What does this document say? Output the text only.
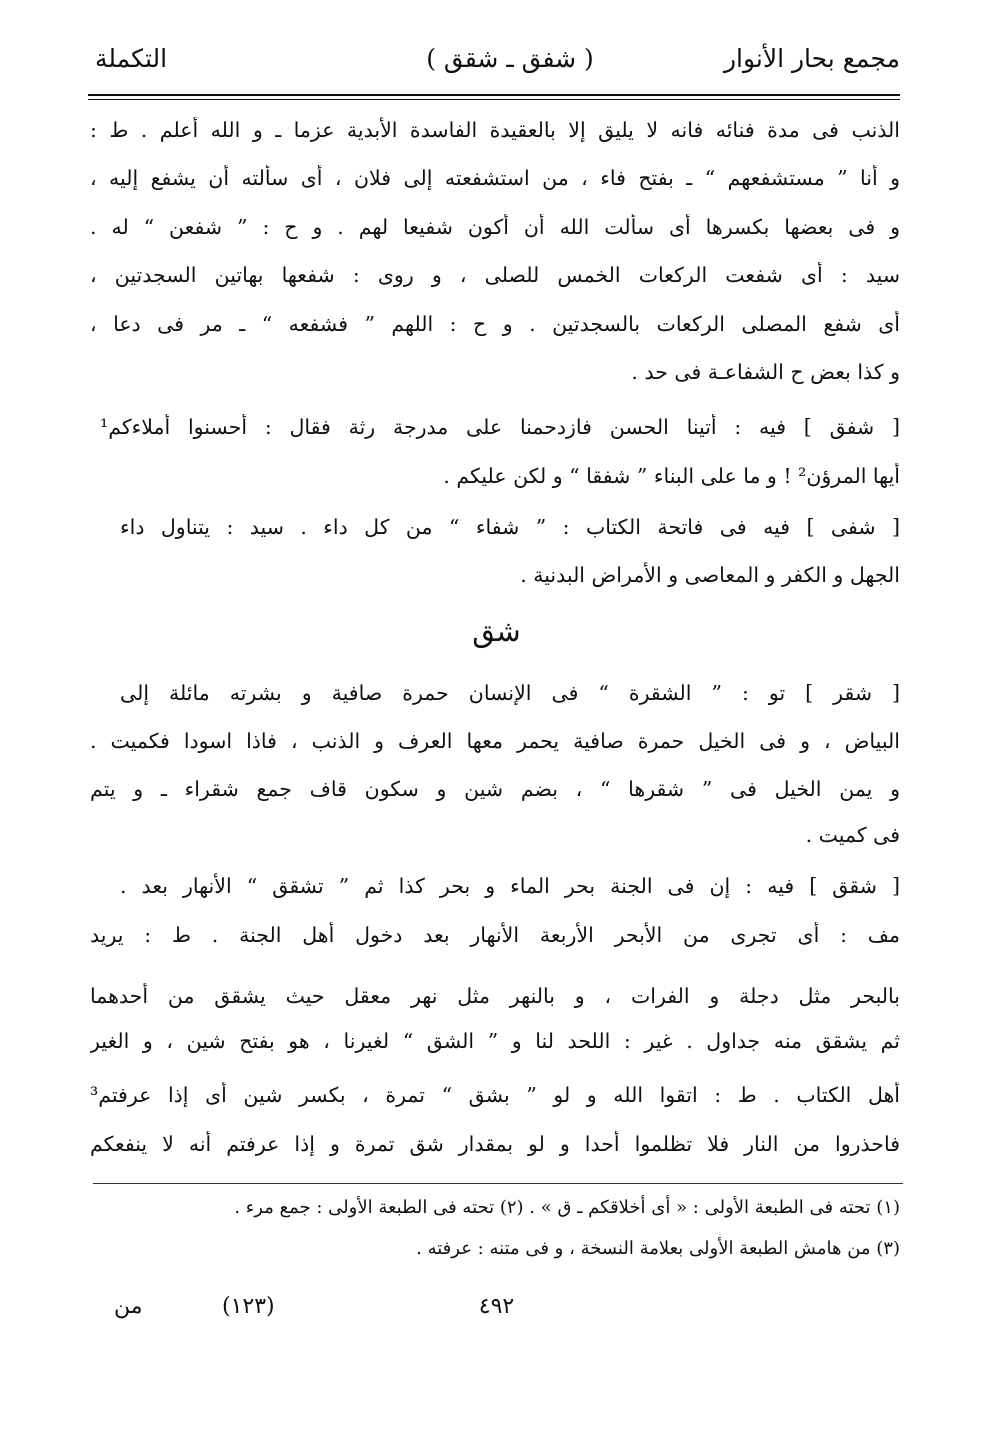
مجمع بحار الأنوار
( شفق ـ شقق )
التكملة
الذنب فى مدة فنائه فانه لا يليق إلا بالعقيدة الفاسدة الأبدية عزما ـ و الله أعلم . ط :
و أنا ” مستشفعهم “ ـ بفتح فاء ، من استشفعته إلى فلان ، أى سألته أن يشفع إليه ،
و فى بعضها بكسرها أى سألت الله أن أكون شفيعا لهم . و ح : ” شفعن “ له .
سيد : أى شفعت الركعات الخمس للصلى ، و روى : شفعها بهاتين السجدتين ،
أى شفع المصلى الركعات بالسجدتين . و ح : اللهم ” فشفعه “ ـ مر فى دعا ،
و كذا بعض ح الشفاعـة فى حد .
[ شفق ] فيه : أتينا الحسن فازدحمنا على مدرجة رثة فقال : أحسنوا أملاءكم¹
أيها المرؤن² ! و ما على البناء ” شفقا “ و لكن عليكم .
[ شفى ] فيه فى فاتحة الكتاب : ” شفاء “ من كل داء . سيد : يتناول داء
الجهل و الكفر و المعاصى و الأمراض البدنية .
شق
[ شقر ] تو : ” الشقرة “ فى الإنسان حمرة صافية و بشرته مائلة إلى
البياض ، و فى الخيل حمرة صافية يحمر معها العرف و الذنب ، فاذا اسودا فكميت .
و يمن الخيل فى ” شقرها “ ، بضم شين و سكون قاف جمع شقراء ـ و يتم
فى كميت .
[ شقق ] فيه : إن فى الجنة بحر الماء و بحر كذا ثم ” تشقق “ الأنهار بعد .
مف : أى تجرى من الأبحر الأربعة الأنهار بعد دخول أهل الجنة . ط : يريد
بالبحر مثل دجلة و الفرات ، و بالنهر مثل نهر معقل حيث يشقق من أحدهما
ثم يشقق منه جداول . غير : اللحد لنا و ” الشق “ لغيرنا ، هو بفتح شين ، و الغير
أهل الكتاب . ط : اتقوا الله و لو ” بشق “ تمرة ، بكسر شين أى إذا عرفتم³
فاحذروا من النار فلا تظلموا أحدا و لو بمقدار شق تمرة و إذا عرفتم أنه لا ينفعكم
(١) تحته فى الطبعة الأولى : « أى أخلاقكم ـ ق » . (٢) تحته فى الطبعة الأولى : جمع مرء .
(٣) من هامش الطبعة الأولى بعلامة النسخة ، و فى متنه : عرفته .
٤٩٢
(١٢٣)
من
